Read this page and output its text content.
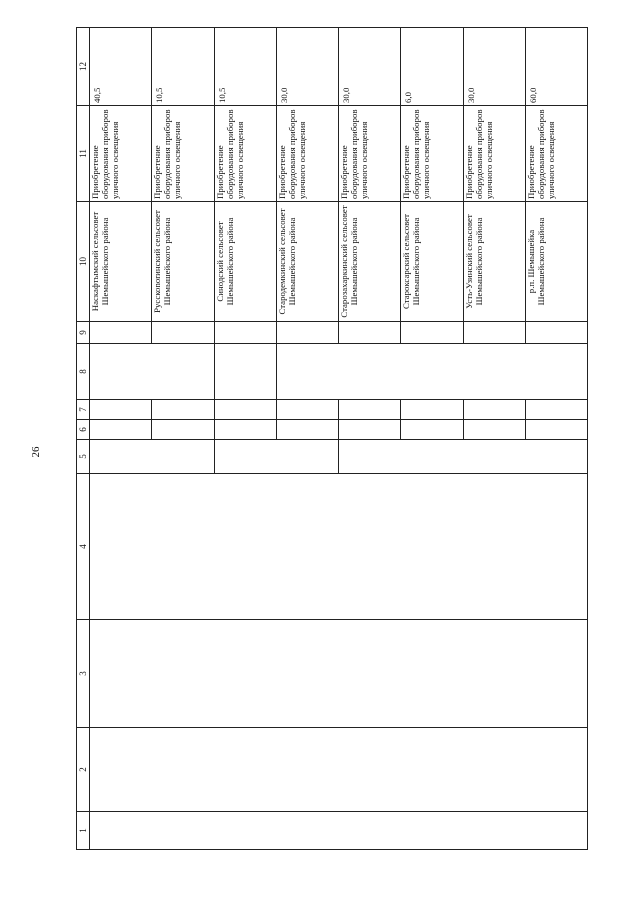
26
1	2	3	4	5	6	7	8	9	10	11	12
									Наскафтымский сельсовет Шемышейского района	Приобретение оборудования приборов уличного освещения	40,5
									Русскоnorинский сельсовет Шемышейского района	Приобретение оборудования приборов уличного освещения	10,5
									Синодский сельсовет Шемышейского района	Приобретение оборудования приборов уличного освещения	10,5
									Стародемкинский сельсовет Шемышейского района	Приобретение оборудования приборов уличного освещения	30,0
									Старозахаркинский сельсовет Шемышейского района	Приобретение оборудования приборов уличного освещения	30,0
									Староксарский сельсовет Шемышейского района	Приобретение оборудования приборов уличного освещения	6,0
									Усть-Узинский сельсовет Шемышейского района	Приобретение оборудования приборов уличного освещения	30,0
									р.п. Шемышейка Шемышейского района	Приобретение оборудования приборов уличного освещения	60,0
